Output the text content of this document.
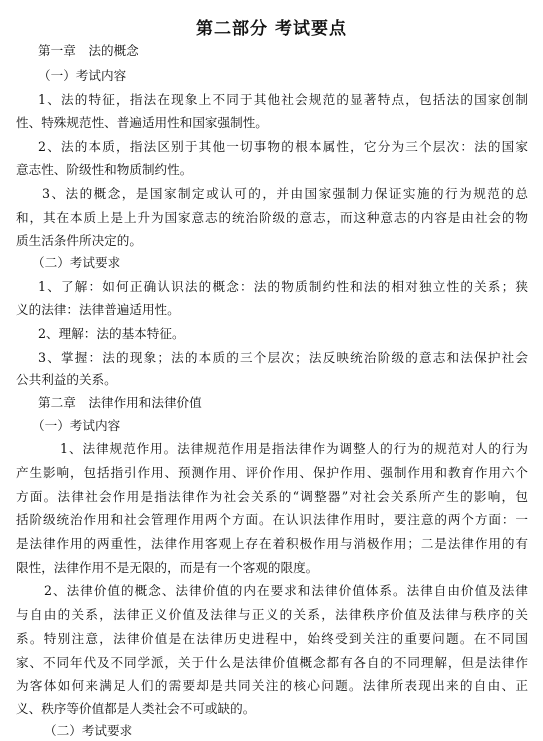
第二部分 考试要点
第一章　法的概念
（一）考试内容
1、法的特征，指法在现象上不同于其他社会规范的显著特点，包括法的国家创制
性、特殊规范性、普遍适用性和国家强制性。
2、法的本质，指法区别于其他一切事物的根本属性，它分为三个层次：法的国家
意志性、阶级性和物质制约性。
3、法的概念，是国家制定或认可的，并由国家强制力保证实施的行为规范的总
和，其在本质上是上升为国家意志的统治阶级的意志，而这种意志的内容是由社会的物
质生活条件所决定的。
（二）考试要求
1、了解：如何正确认识法的概念：法的物质制约性和法的相对独立性的关系；狭
义的法律：法律普遍适用性。
2、理解：法的基本特征。
3、掌握：法的现象；法的本质的三个层次；法反映统治阶级的意志和法保护社会
公共利益的关系。
第二章　法律作用和法律价值
（一）考试内容
1、法律规范作用。法律规范作用是指法律作为调整人的行为的规范对人的行为
产生影响，包括指引作用、预测作用、评价作用、保护作用、强制作用和教育作用六个
方面。法律社会作用是指法律作为社会关系的“调整器”对社会关系所产生的影响，包
括阶级统治作用和社会管理作用两个方面。在认识法律作用时，要注意的两个方面：一
是法律作用的两重性，法律作用客观上存在着积极作用与消极作用；二是法律作用的有
限性，法律作用不是无限的，而是有一个客观的限度。
2、法律价值的概念、法律价值的内在要求和法律价值体系。法律自由价值及法律
与自由的关系，法律正义价值及法律与正义的关系，法律秩序价值及法律与秩序的关
系。特别注意，法律价值是在法律历史进程中，始终受到关注的重要问题。在不同国
家、不同年代及不同学派，关于什么是法律价值概念都有各自的不同理解，但是法律作
为客体如何来满足人们的需要却是共同关注的核心问题。法律所表现出来的自由、正
义、秩序等价值都是人类社会不可或缺的。
（二）考试要求
